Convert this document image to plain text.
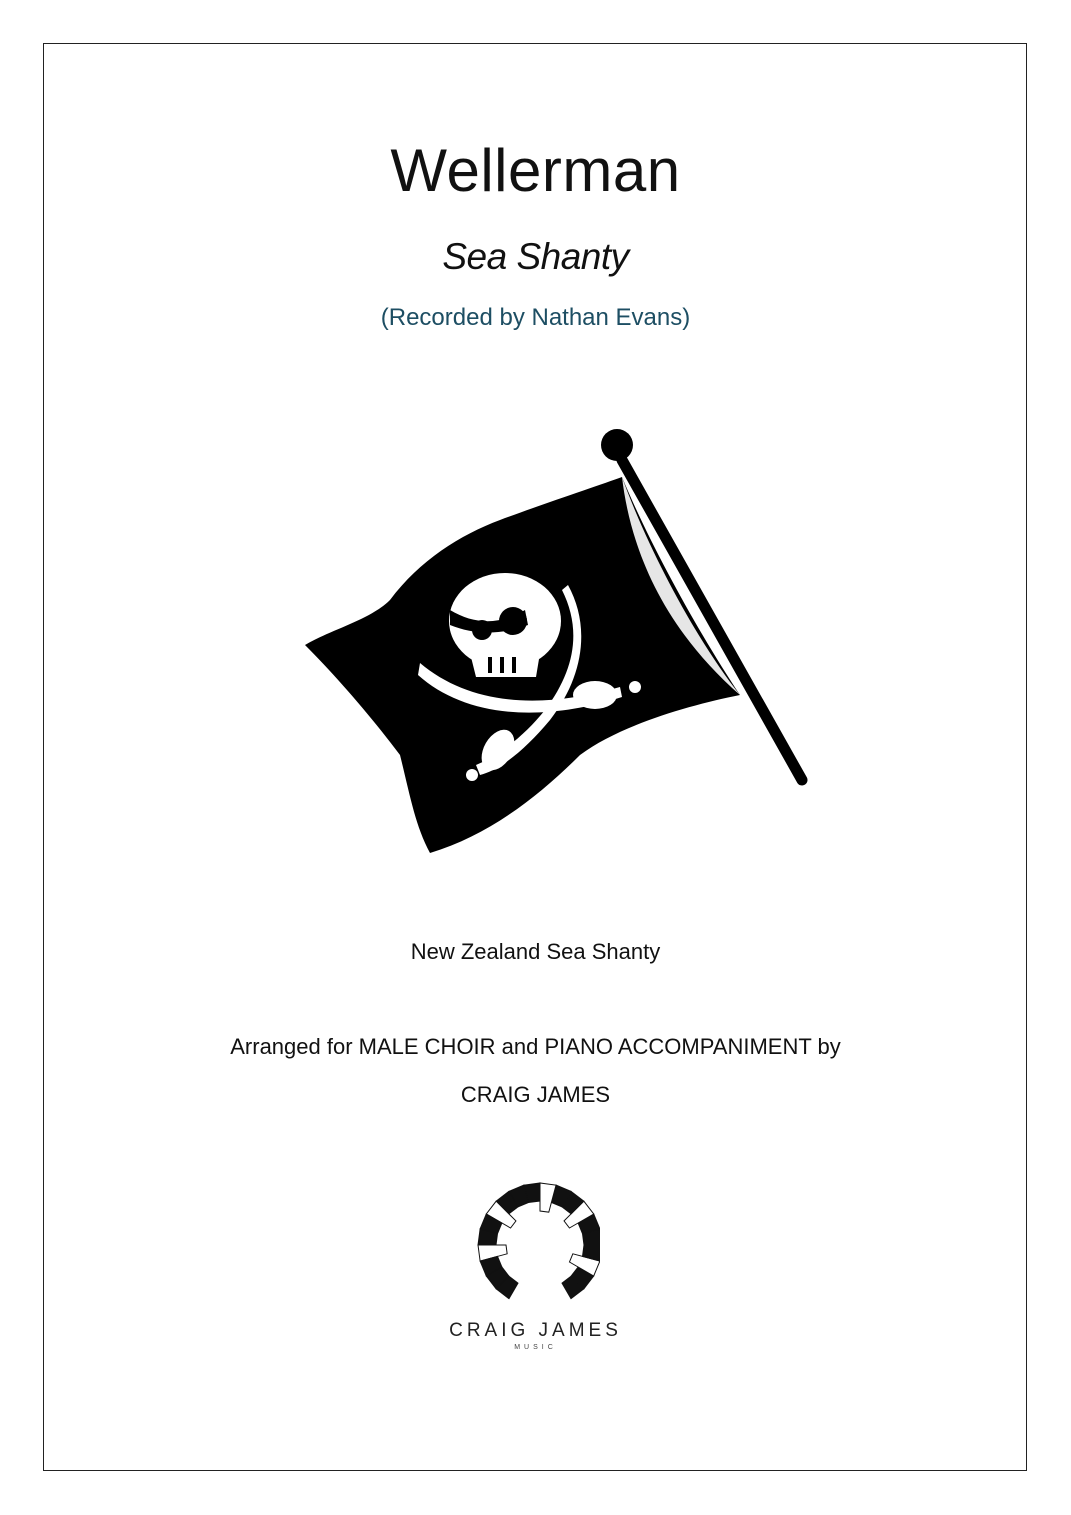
Wellerman
Sea Shanty
(Recorded by Nathan Evans)
New Zealand Sea Shanty
Arranged for MALE CHOIR and PIANO ACCOMPANIMENT by
CRAIG JAMES
CRAIG JAMES
MUSIC
